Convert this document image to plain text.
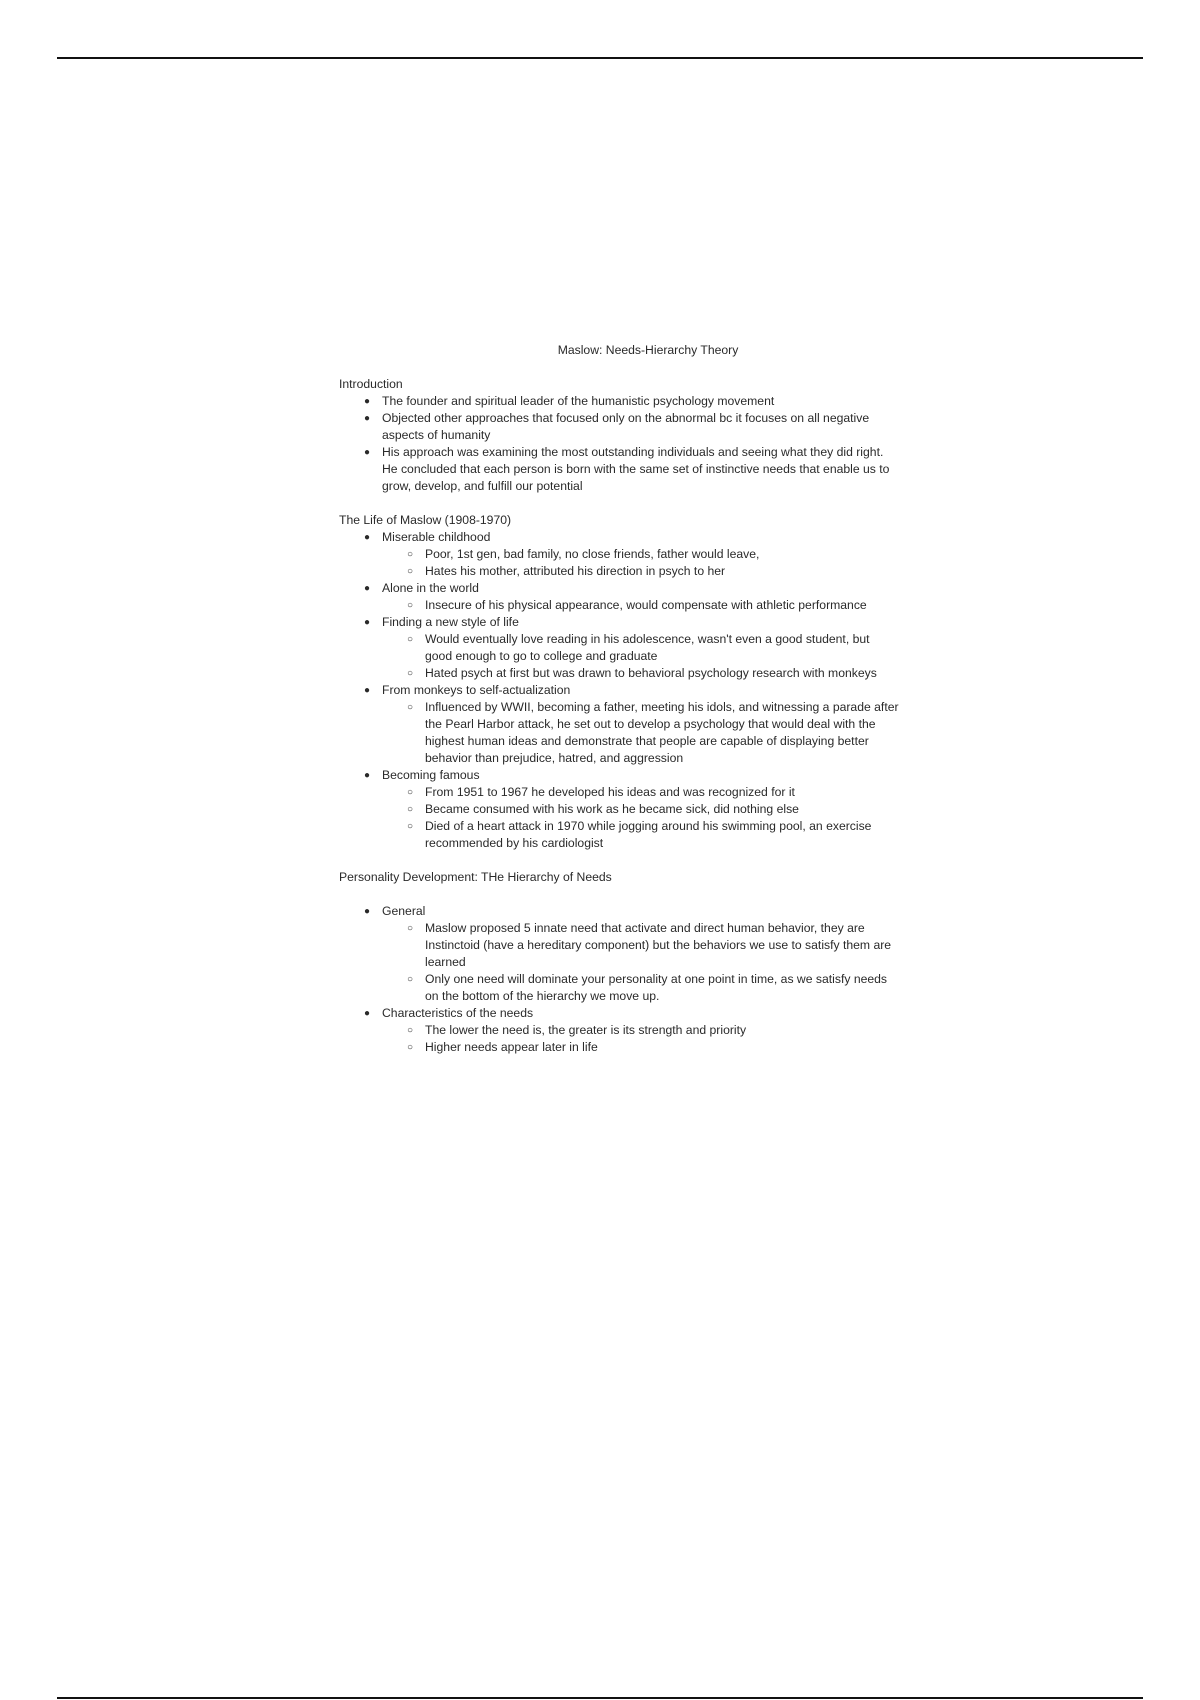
Maslow: Needs-Hierarchy Theory
Introduction
● The founder and spiritual leader of the humanistic psychology movement
● Objected other approaches that focused only on the abnormal bc it focuses on all negative aspects of humanity
● His approach was examining the most outstanding individuals and seeing what they did right. He concluded that each person is born with the same set of instinctive needs that enable us to grow, develop, and fulfill our potential
The Life of Maslow (1908-1970)
● Miserable childhood
○ Poor, 1st gen, bad family, no close friends, father would leave,
○ Hates his mother, attributed his direction in psych to her
● Alone in the world
○ Insecure of his physical appearance, would compensate with athletic performance
● Finding a new style of life
○ Would eventually love reading in his adolescence, wasn't even a good student, but good enough to go to college and graduate
○ Hated psych at first but was drawn to behavioral psychology research with monkeys
● From monkeys to self-actualization
○ Influenced by WWII, becoming a father, meeting his idols, and witnessing a parade after the Pearl Harbor attack, he set out to develop a psychology that would deal with the highest human ideas and demonstrate that people are capable of displaying better behavior than prejudice, hatred, and aggression
● Becoming famous
○ From 1951 to 1967 he developed his ideas and was recognized for it
○ Became consumed with his work as he became sick, did nothing else
○ Died of a heart attack in 1970 while jogging around his swimming pool, an exercise recommended by his cardiologist
Personality Development: THe Hierarchy of Needs
● General
○ Maslow proposed 5 innate need that activate and direct human behavior, they are Instinctoid (have a hereditary component) but the behaviors we use to satisfy them are learned
○ Only one need will dominate your personality at one point in time, as we satisfy needs on the bottom of the hierarchy we move up.
● Characteristics of the needs
○ The lower the need is, the greater is its strength and priority
○ Higher needs appear later in life
